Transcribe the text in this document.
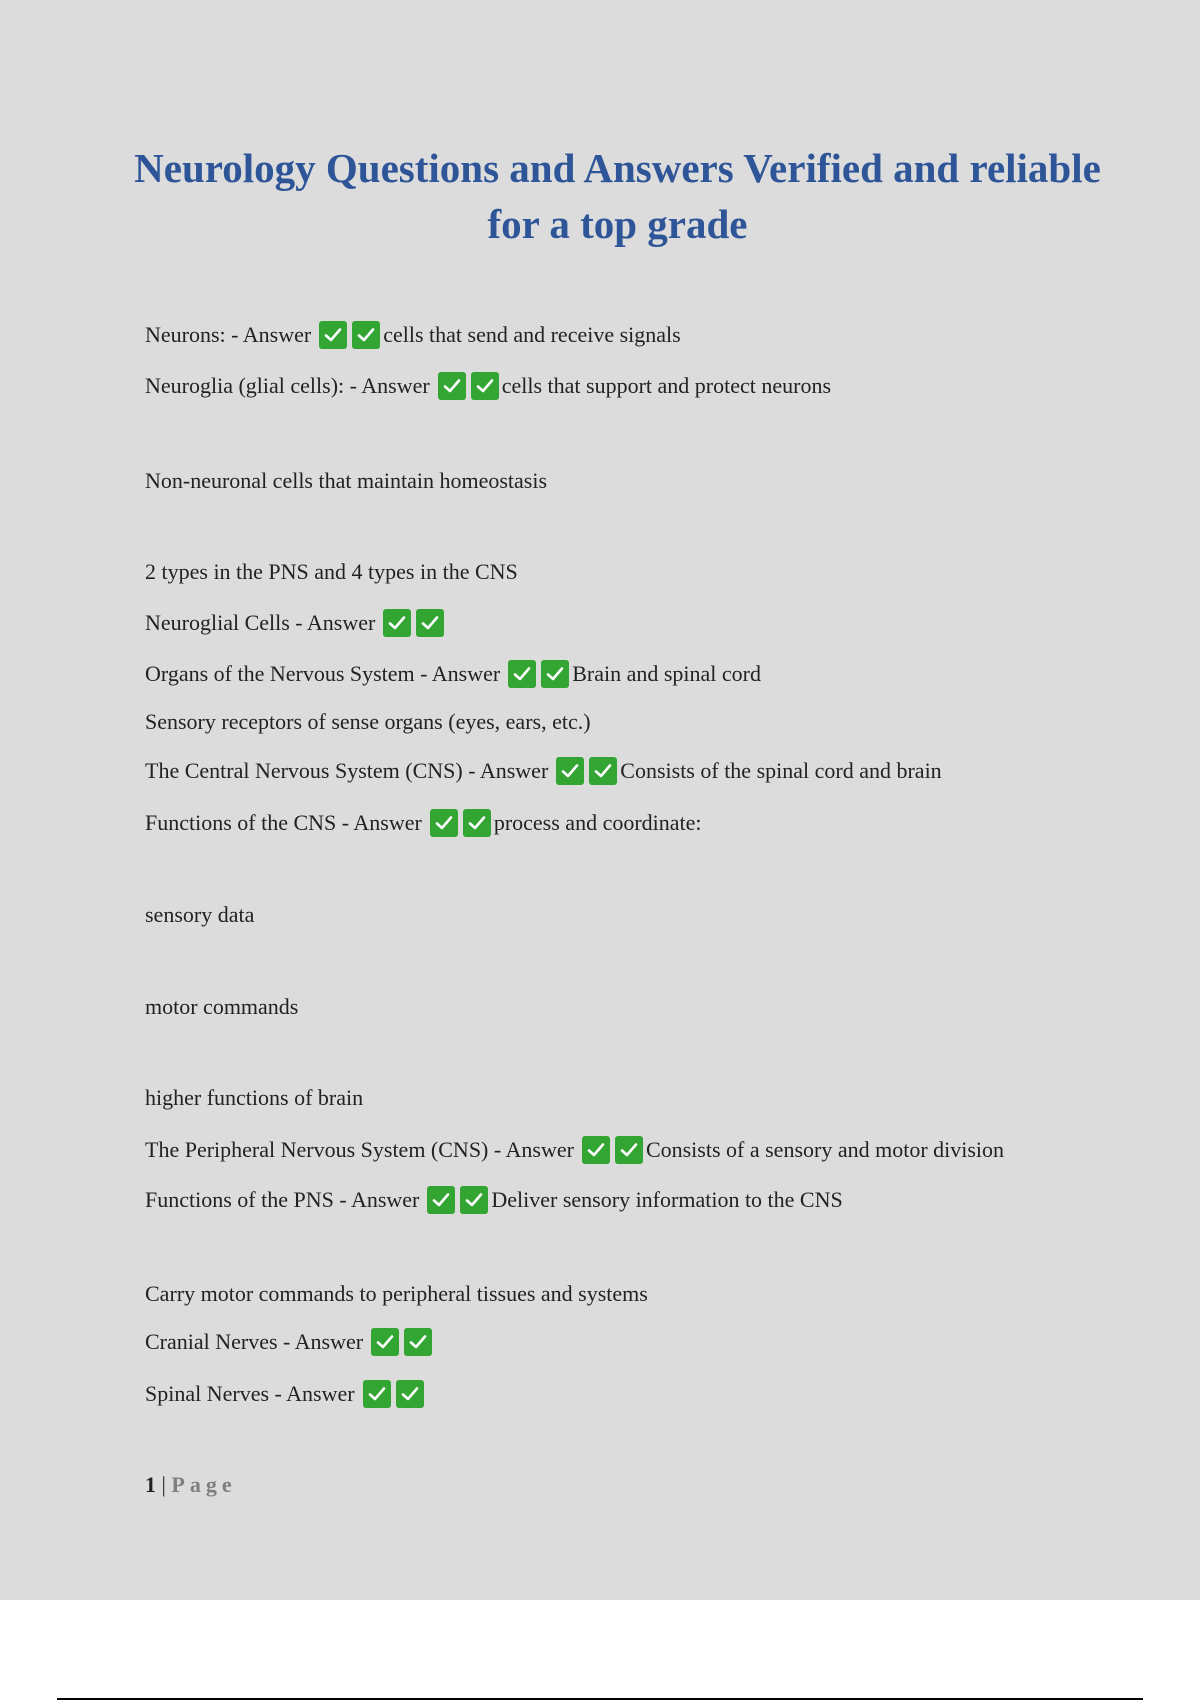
Neurology Questions and Answers Verified and reliable for a top grade
Neurons: - Answer	cells that send and receive signals
Neuroglia (glial cells): - Answer	cells that support and protect neurons
Non-neuronal cells that maintain homeostasis
2 types in the PNS and 4 types in the CNS
Neuroglial Cells - Answer
Organs of the Nervous System - Answer	Brain and spinal cord
Sensory receptors of sense organs (eyes, ears, etc.)
The Central Nervous System (CNS) - Answer	Consists of the spinal cord and brain
Functions of the CNS - Answer	process and coordinate:
sensory data
motor commands
higher functions of brain
The Peripheral Nervous System (CNS) - Answer	Consists of a sensory and motor division
Functions of the PNS - Answer	Deliver sensory information to the CNS
Carry motor commands to peripheral tissues and systems
Cranial Nerves - Answer
Spinal Nerves - Answer
1 | Page
